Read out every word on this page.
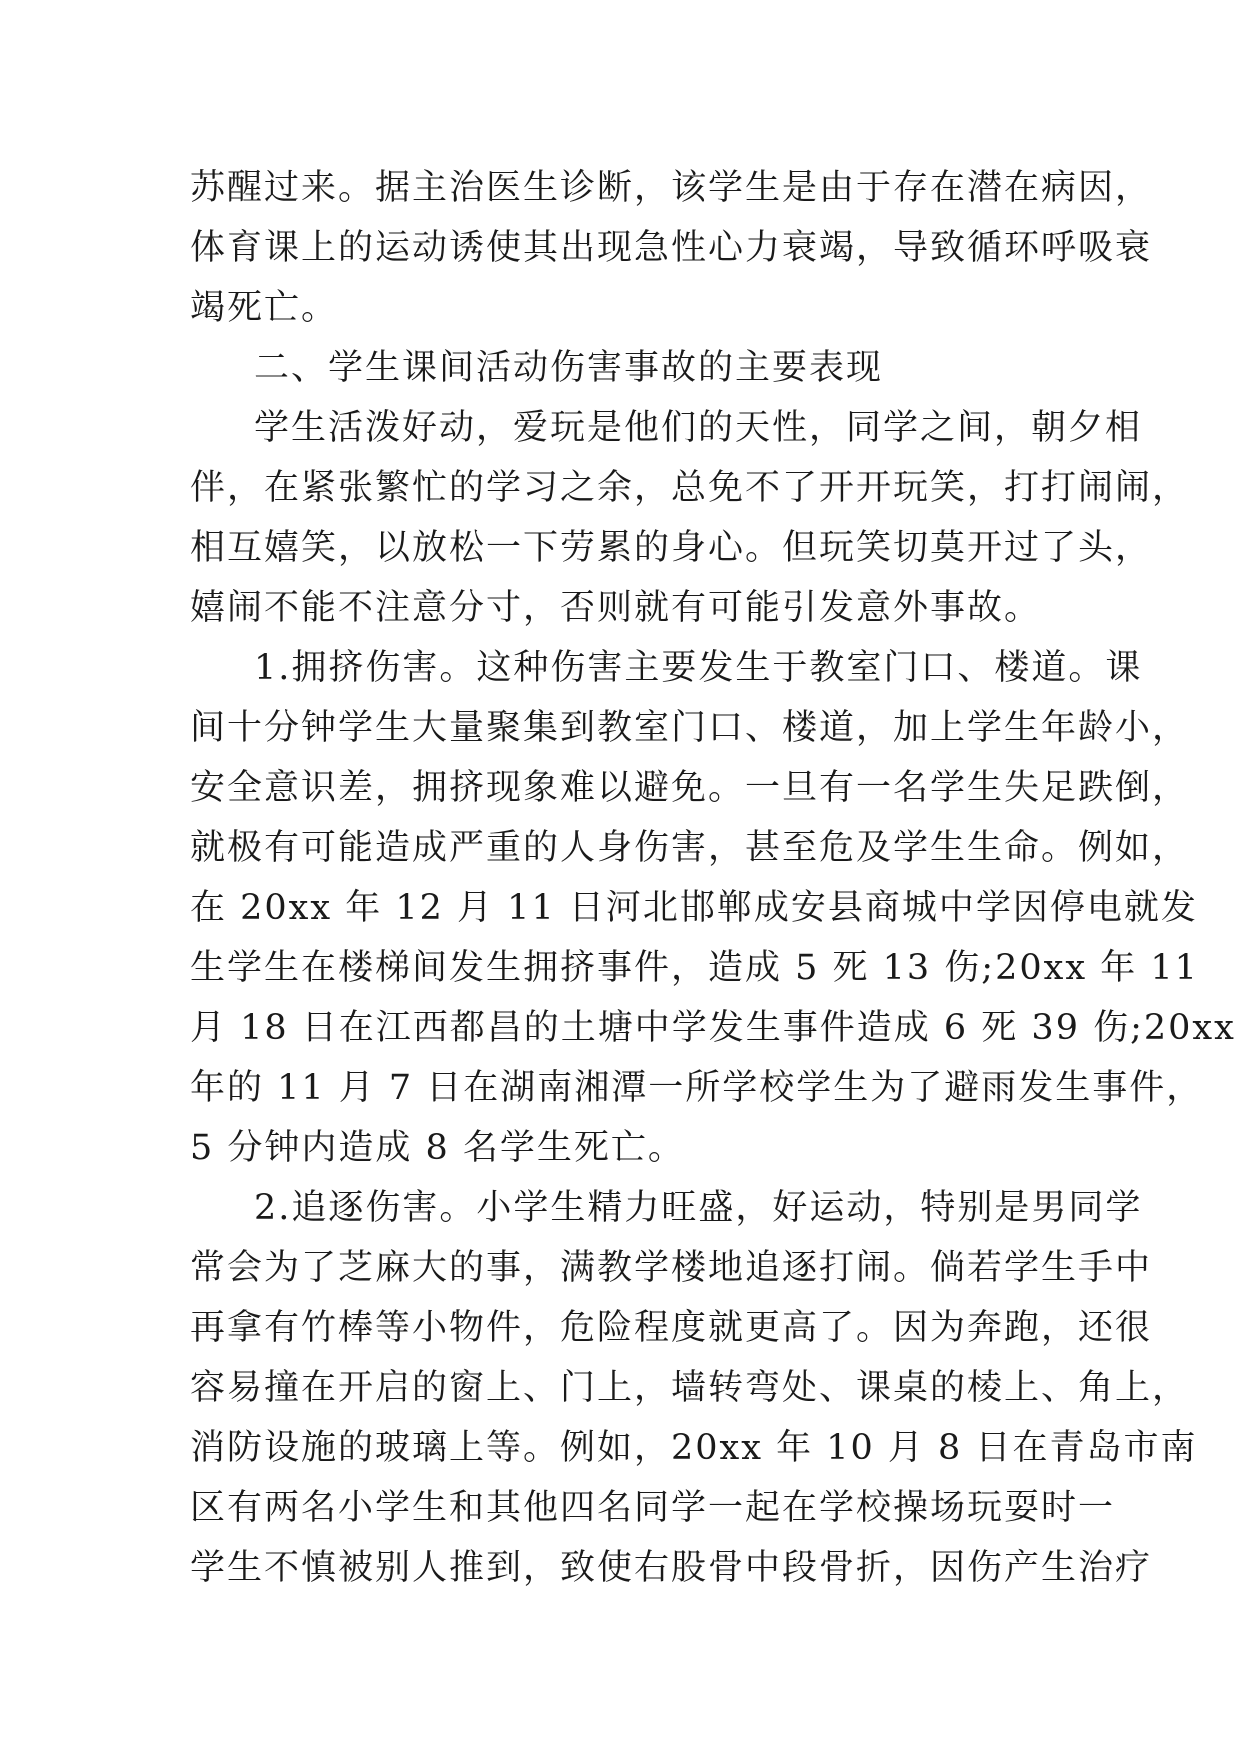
苏醒过来。据主治医生诊断，该学生是由于存在潜在病因，
体育课上的运动诱使其出现急性心力衰竭，导致循环呼吸衰
竭死亡。
二、学生课间活动伤害事故的主要表现
学生活泼好动，爱玩是他们的天性，同学之间，朝夕相
伴，在紧张繁忙的学习之余，总免不了开开玩笑，打打闹闹，
相互嬉笑，以放松一下劳累的身心。但玩笑切莫开过了头，
嬉闹不能不注意分寸，否则就有可能引发意外事故。
1.拥挤伤害。这种伤害主要发生于教室门口、楼道。课
间十分钟学生大量聚集到教室门口、楼道，加上学生年龄小，
安全意识差，拥挤现象难以避免。一旦有一名学生失足跌倒，
就极有可能造成严重的人身伤害，甚至危及学生生命。例如，
在 20xx 年 12 月 11 日河北邯郸成安县商城中学因停电就发
生学生在楼梯间发生拥挤事件，造成 5 死 13 伤;20xx 年 11
月 18 日在江西都昌的土塘中学发生事件造成 6 死 39 伤;20xx
年的 11 月 7 日在湖南湘潭一所学校学生为了避雨发生事件，
5 分钟内造成 8 名学生死亡。
2.追逐伤害。小学生精力旺盛，好运动，特别是男同学
常会为了芝麻大的事，满教学楼地追逐打闹。倘若学生手中
再拿有竹棒等小物件，危险程度就更高了。因为奔跑，还很
容易撞在开启的窗上、门上，墙转弯处、课桌的棱上、角上，
消防设施的玻璃上等。例如，20xx 年 10 月 8 日在青岛市南
区有两名小学生和其他四名同学一起在学校操场玩耍时一
学生不慎被别人推到，致使右股骨中段骨折，因伤产生治疗
